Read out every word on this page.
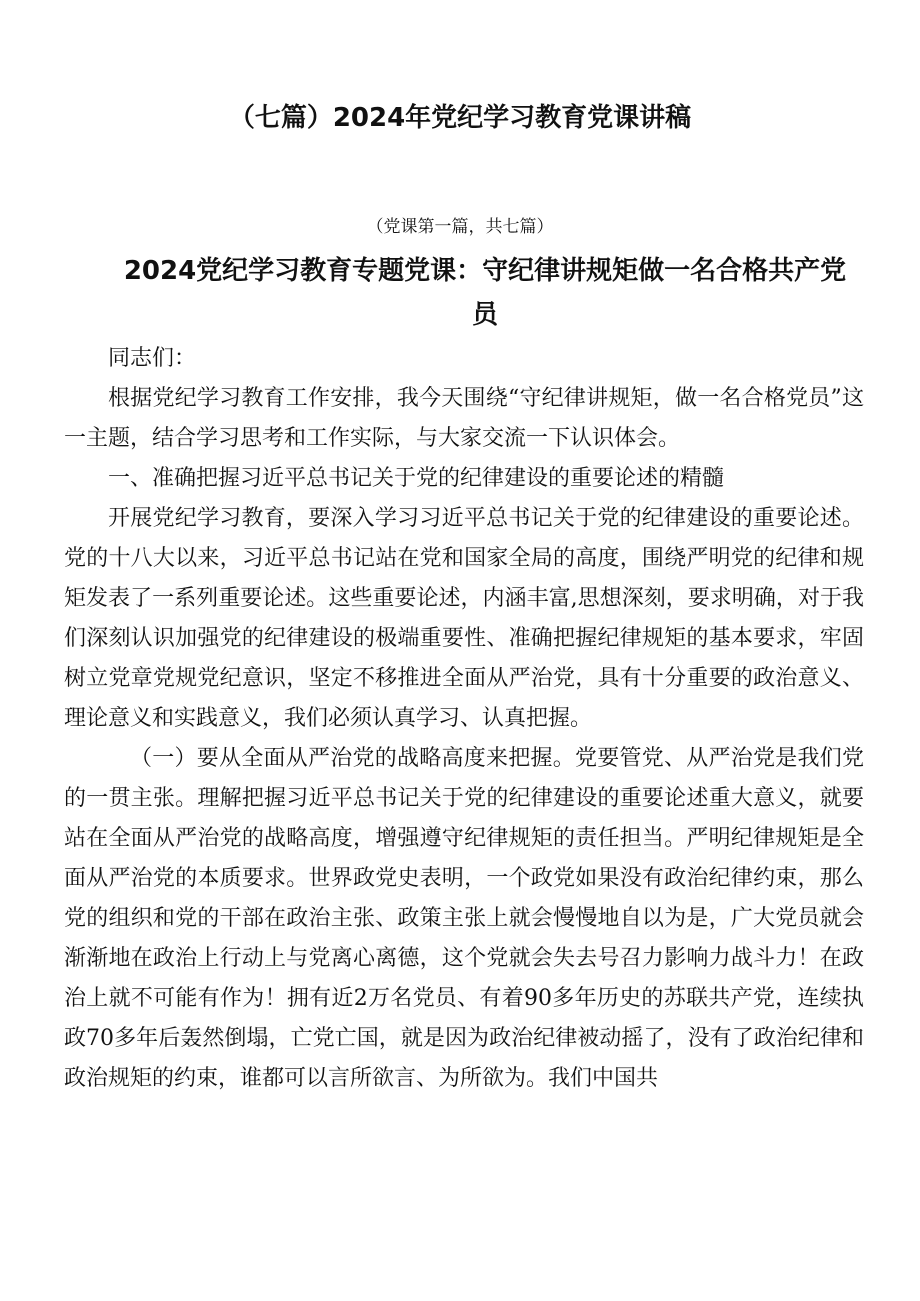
（七篇）2024年党纪学习教育党课讲稿
（党课第一篇，共七篇）
2024党纪学习教育专题党课：守纪律讲规矩做一名合格共产党员

同志们：

根据党纪学习教育工作安排，我今天围绕“守纪律讲规矩，做一名合格党员”这一主题，结合学习思考和工作实际，与大家交流一下认识体会。

一、准确把握习近平总书记关于党的纪律建设的重要论述的精髓

开展党纪学习教育，要深入学习习近平总书记关于党的纪律建设的重要论述。党的十八大以来，习近平总书记站在党和国家全局的高度，围绕严明党的纪律和规矩发表了一系列重要论述。这些重要论述，内涵丰富,思想深刻，要求明确，对于我们深刻认识加强党的纪律建设的极端重要性、准确把握纪律规矩的基本要求，牢固树立党章党规党纪意识，坚定不移推进全面从严治党，具有十分重要的政治意义、理论意义和实践意义，我们必须认真学习、认真把握。

（一）要从全面从严治党的战略高度来把握。党要管党、从严治党是我们党的一贯主张。理解把握习近平总书记关于党的纪律建设的重要论述重大意义，就要站在全面从严治党的战略高度，增强遵守纪律规矩的责任担当。严明纪律规矩是全面从严治党的本质要求。世界政党史表明，一个政党如果没有政治纪律约束，那么党的组织和党的干部在政治主张、政策主张上就会慢慢地自以为是，广大党员就会渐渐地在政治上行动上与党离心离德，这个党就会失去号召力影响力战斗力！在政治上就不可能有作为！拥有近2万名党员、有着90多年历史的苏联共产党，连续执政70多年后轰然倒塌，亡党亡国，就是因为政治纪律被动摇了，没有了政治纪律和政治规矩的约束，谁都可以言所欲言、为所欲为。我们中国共
